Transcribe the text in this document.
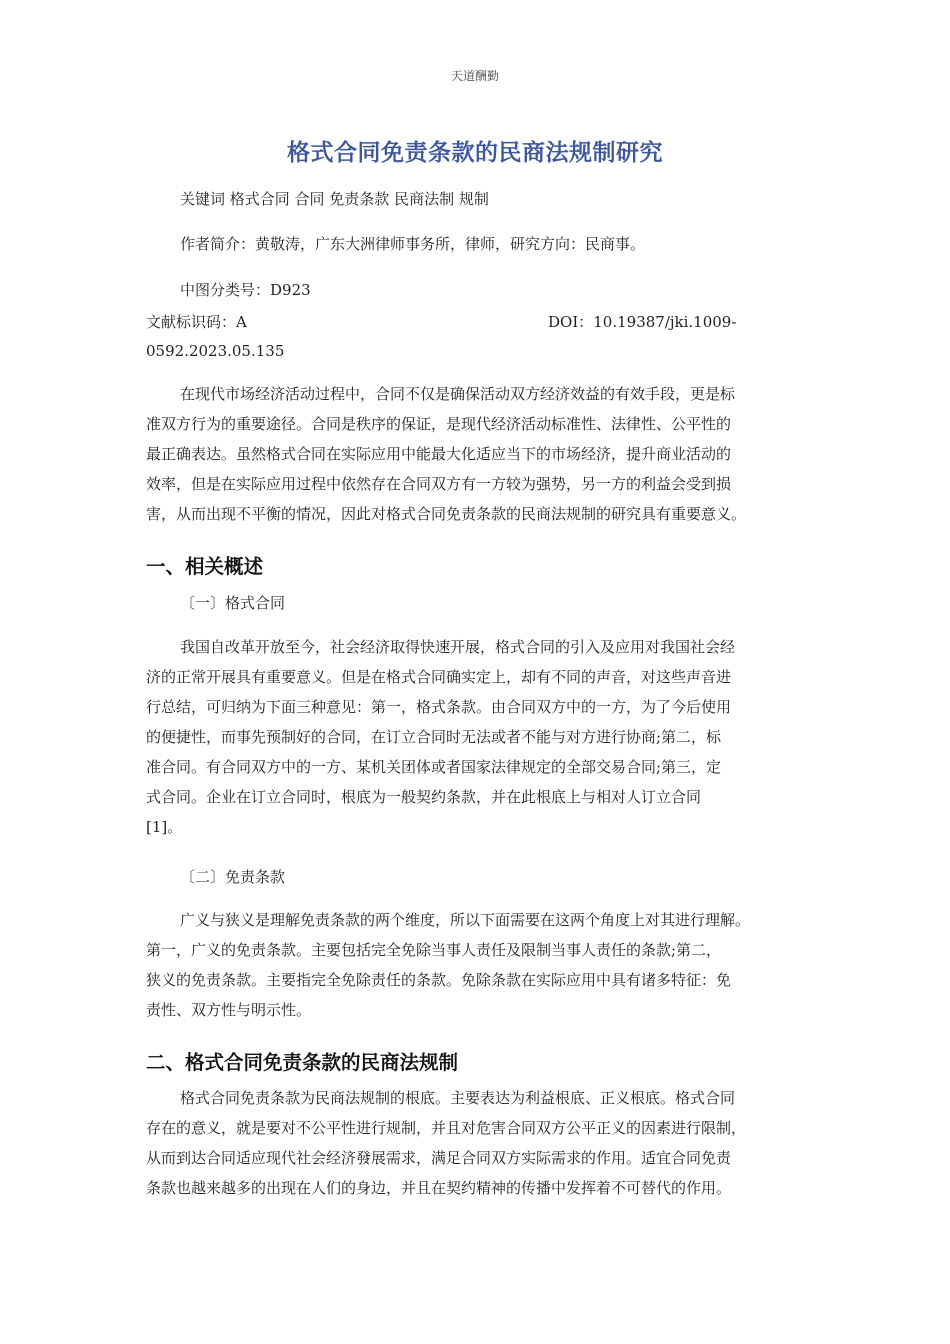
天道酬勤
格式合同免责条款的民商法规制研究
关键词 格式合同 合同 免责条款 民商法制 规制
作者简介：黄敬涛，广东大洲律师事务所，律师，研究方向：民商事。
中图分类号：D923
文献标识码：A	DOI：10.19387/jki.1009-
0592.2023.05.135
在现代市场经济活动过程中，合同不仅是确保活动双方经济效益的有效手段，更是标
准双方行为的重要途径。合同是秩序的保证，是现代经济活动标准性、法律性、公平性的
最正确表达。虽然格式合同在实际应用中能最大化适应当下的市场经济，提升商业活动的
效率，但是在实际应用过程中依然存在合同双方有一方较为强势，另一方的利益会受到损
害，从而出现不平衡的情况，因此对格式合同免责条款的民商法规制的研究具有重要意义。
一、相关概述
〔一〕格式合同
我国自改革开放至今，社会经济取得快速开展，格式合同的引入及应用对我国社会经
济的正常开展具有重要意义。但是在格式合同确实定上，却有不同的声音，对这些声音进
行总结，可归纳为下面三种意见：第一，格式条款。由合同双方中的一方，为了今后使用
的便捷性，而事先预制好的合同，在订立合同时无法或者不能与对方进行协商;第二，标
准合同。有合同双方中的一方、某机关团体或者国家法律规定的全部交易合同;第三，定
式合同。企业在订立合同时，根底为一般契约条款，并在此根底上与相对人订立合同
[1]。
〔二〕免责条款
广义与狭义是理解免责条款的两个维度，所以下面需要在这两个角度上对其进行理解。
第一，广义的免责条款。主要包括完全免除当事人责任及限制当事人责任的条款;第二，
狭义的免责条款。主要指完全免除责任的条款。免除条款在实际应用中具有诸多特征：免
责性、双方性与明示性。
二、格式合同免责条款的民商法规制
格式合同免责条款为民商法规制的根底。主要表达为利益根底、正义根底。格式合同
存在的意义，就是要对不公平性进行规制，并且对危害合同双方公平正义的因素进行限制，
从而到达合同适应现代社会经济發展需求，满足合同双方实际需求的作用。适宜合同免责
条款也越来越多的出现在人们的身边，并且在契约精神的传播中发挥着不可替代的作用。
